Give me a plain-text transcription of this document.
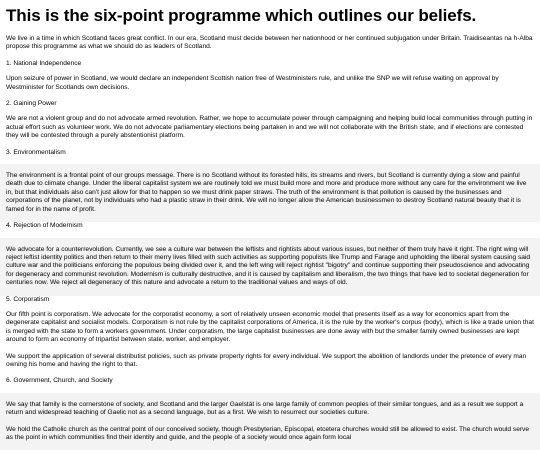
This is the six-point programme which outlines our beliefs.

We live in a time in which Scotland faces great conflict. In our era, Scotland must decide between her nationhood or her continued subjugation under Britain. Traidiseantas na h-Alba propose this programme as what we should do as leaders of Scotland.

1. National Independence

Upon seizure of power in Scotland, we would declare an independent Scottish nation free of Westministers rule, and unlike the SNP we will refuse waiting on approval by Westminister for Scotlands own decisions.

2. Gaining Power

We are not a violent group and do not advocate armed revolution. Rather, we hope to accumulate power through campaigning and helping build local communities through putting in actual effort such as volunteer work. We do not advocate parliamentary elections being partaken in and we will not collaborate with the British state, and if elections are contested they will be contested through a purely abstentionist platform.

3. Environmentalism

The environment is a frontal point of our groups message. There is no Scotland without its forested hills, its streams and rivers, but Scotland is currently dying a slow and painful death due to climate change. Under the liberal capitalist system we are routinely told we must build more and more and produce more without any care for the environment we live in, but that individuals also can't just allow for that to happen so we must drink paper straws. The truth of the environment is that pollution is caused by the businesses and corporations of the planet, not by individuals who had a plastic straw in their drink. We will no longer allow the American businessmen to destroy Scotland natural beauty that it is famed for in the name of profit.

4. Rejection of Modernism

We advocate for a counterrevolution. Currently, we see a culture war between the leftists and rightists about various issues, but neither of them truly have it right. The right wing will reject leftist identity politics and then return to their merry lives filled with such activities as supporting populists like Trump and Farage and upholding the liberal system causing said culture war and the politicians enforcing the populous being divided over it, and the left wing will reject rightist "bigotry" and continue supporting their pseudoscience and advocating for degeneracy and communist revolution. Modernism is culturally destructive, and it is caused by capitalism and liberalism, the two things that have led to societal degeneration for centuries now. We reject all degeneracy of this nature and advocate a return to the traditional values and ways of old.

5. Corporatism

Our fifth point is corporatism. We advocate for the corporatist economy, a sort of relatively unseen economic model that presents itself as a way for economics apart from the degenerate capitalist and socialist models. Corporatism is not rule by the capitalist corporations of America, it is the rule by the worker's corpus (body), which is like a trade union that is merged with the state to form a workers government. Under corporatism, the large capitalist businesses are done away with but the smaller family owned businesses are kept around to form an economy of tripartist between state, worker, and employer.

We support the application of several distributist policies, such as private property rights for every individual. We support the abolition of landlords under the pretence of every man owning his home and having the right to that.

6. Government, Church, and Society

We say that family is the cornerstone of society, and Scotland and the larger Gaelstát is one large family of common peoples of their similar tongues, and as a result we support a return and widespread teaching of Gaelic not as a second language, but as a first. We wish to resurrect our societies culture.

We hold the Catholic church as the central point of our conceived society, though Presbyterian, Episcopal, etcetera churches would still be allowed to exist. The church would serve as the point in which communities find their identity and guide, and the people of a society would once again form local
